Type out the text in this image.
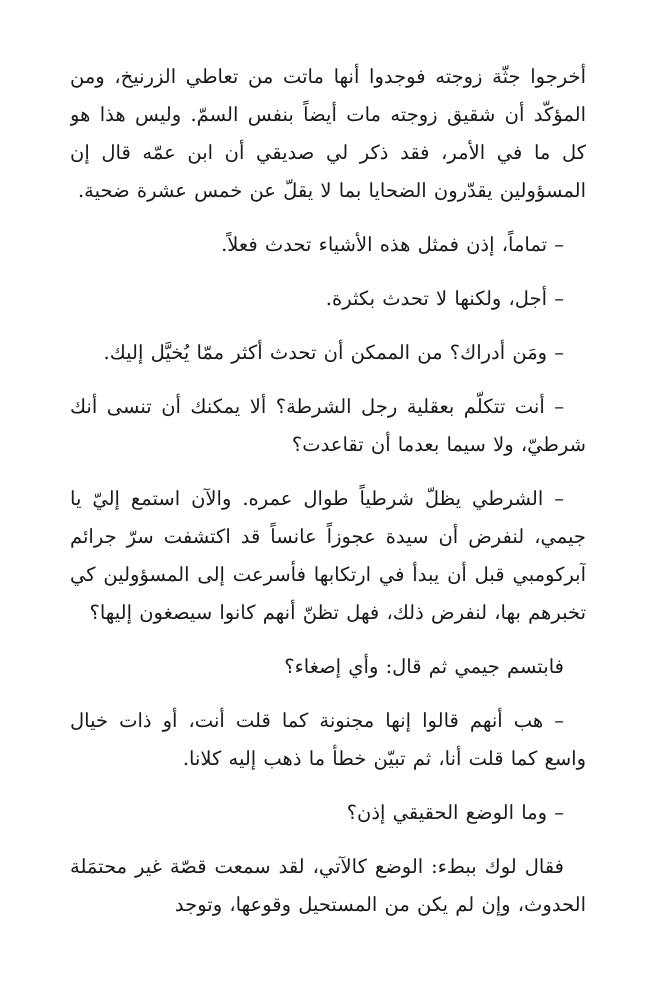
أخرجوا جثّة زوجته فوجدوا أنها ماتت من تعاطي الزرنيخ، ومن المؤكّد أن شقيق زوجته مات أيضاً بنفس السمّ. وليس هذا هو كل ما في الأمر، فقد ذكر لي صديقي أن ابن عمّه قال إن المسؤولين يقدّرون الضحايا بما لا يقلّ عن خمس عشرة ضحية.

– تماماً، إذن فمثل هذه الأشياء تحدث فعلاً.

– أجل، ولكنها لا تحدث بكثرة.

– ومَن أدراك؟ من الممكن أن تحدث أكثر ممّا يُخيَّل إليك.

– أنت تتكلّم بعقلية رجل الشرطة؟ ألا يمكنك أن تنسى أنك شرطيّ، ولا سيما بعدما أن تقاعدت؟

– الشرطي يظلّ شرطياً طوال عمره. والآن استمع إليّ يا جيمي، لنفرض أن سيدة عجوزاً عانساً قد اكتشفت سرّ جرائم آبركومبي قبل أن يبدأ في ارتكابها فأسرعت إلى المسؤولين كي تخبرهم بها، لنفرض ذلك، فهل تظنّ أنهم كانوا سيصغون إليها؟

فابتسم جيمي ثم قال: وأي إصغاء؟

– هب أنهم قالوا إنها مجنونة كما قلت أنت، أو ذات خيال واسع كما قلت أنا، ثم تبيّن خطأ ما ذهب إليه كلانا.

– وما الوضع الحقيقي إذن؟

فقال لوك ببطء: الوضع كالآتي، لقد سمعت قصّة غير محتمَلة الحدوث، وإن لم يكن من المستحيل وقوعها، وتوجد
